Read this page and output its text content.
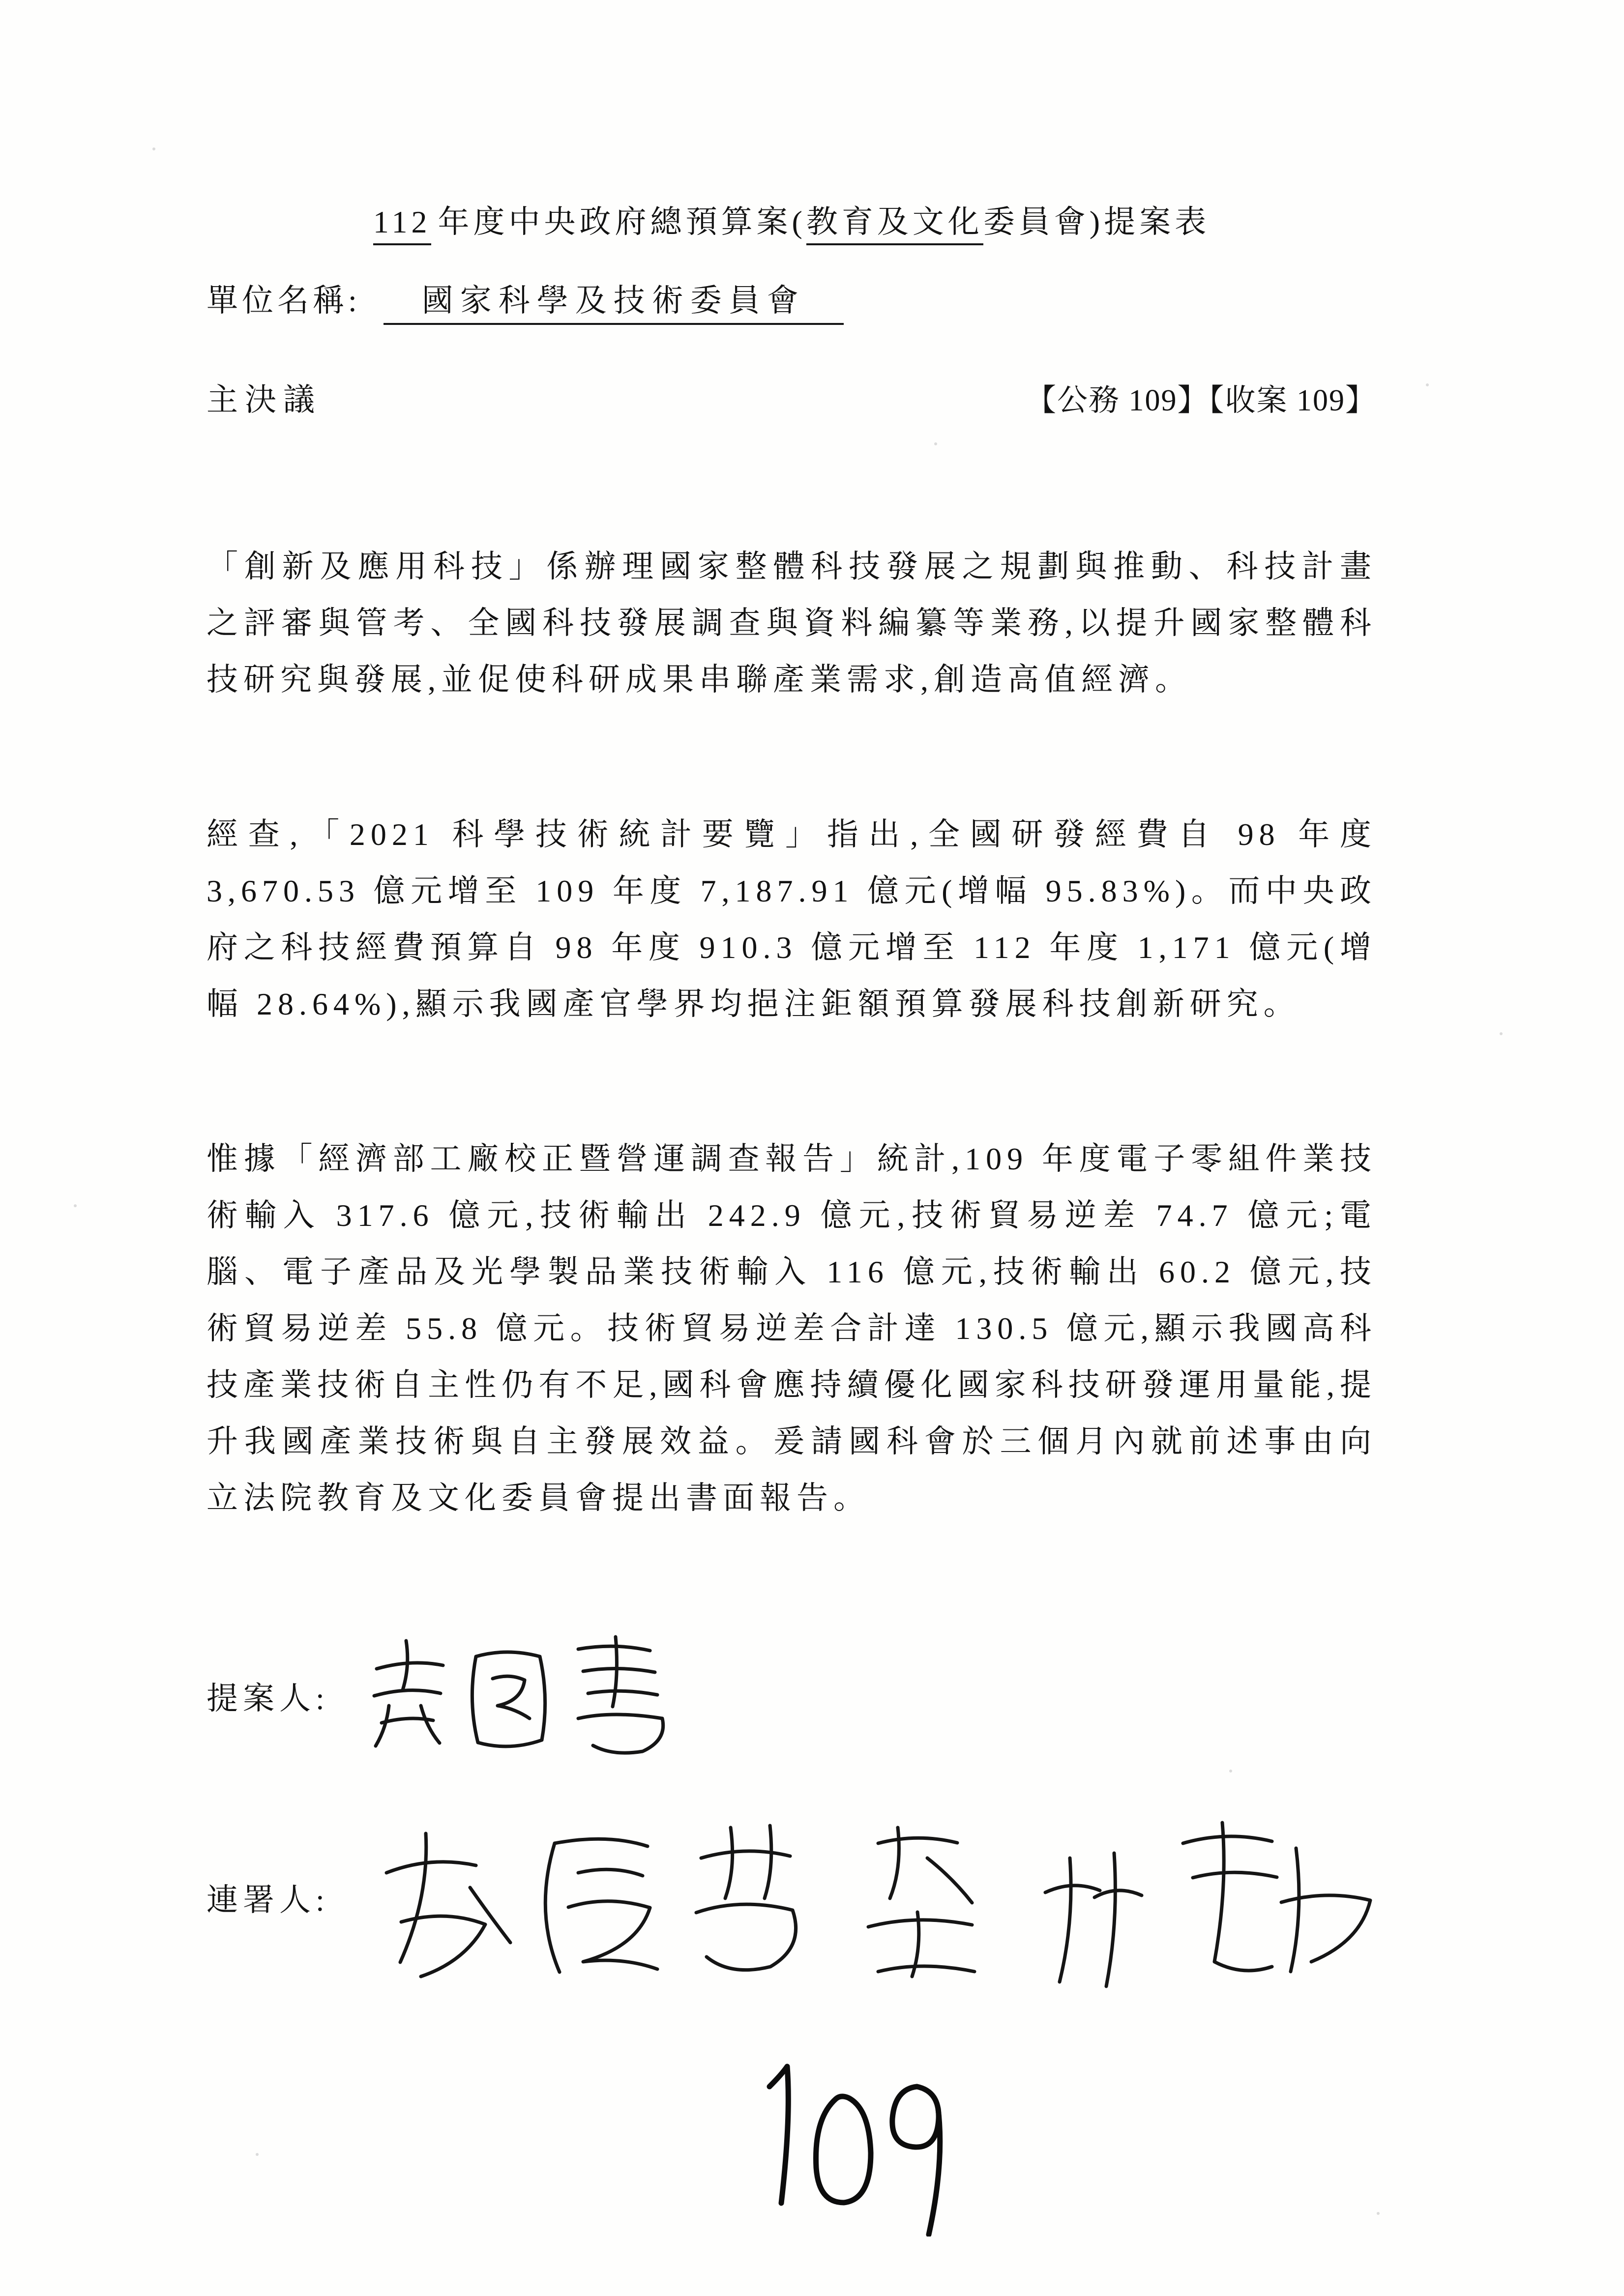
112 年度中央政府總預算案(教育及文化委員會)提案表
單位名稱: 國家科學及技術委員會
主決議	【公務 109】【收案 109】

「創新及應用科技」係辦理國家整體科技發展之規劃與推動、科技計畫之評審與管考、全國科技發展調查與資料編纂等業務,以提升國家整體科技研究與發展,並促使科研成果串聯產業需求,創造高值經濟。

經查,「2021 科學技術統計要覽」指出,全國研發經費自 98 年度 3,670.53 億元增至 109 年度 7,187.91 億元(增幅 95.83%)。而中央政府之科技經費預算自 98 年度 910.3 億元增至 112 年度 1,171 億元(增幅 28.64%),顯示我國產官學界均挹注鉅額預算發展科技創新研究。

惟據「經濟部工廠校正暨營運調查報告」統計,109 年度電子零組件業技術輸入 317.6 億元,技術輸出 242.9 億元,技術貿易逆差 74.7 億元;電腦、電子產品及光學製品業技術輸入 116 億元,技術輸出 60.2 億元,技術貿易逆差 55.8 億元。技術貿易逆差合計達 130.5 億元,顯示我國高科技產業技術自主性仍有不足,國科會應持續優化國家科技研發運用量能,提升我國產業技術與自主發展效益。爰請國科會於三個月內就前述事由向立法院教育及文化委員會提出書面報告。

提案人:
連署人:
